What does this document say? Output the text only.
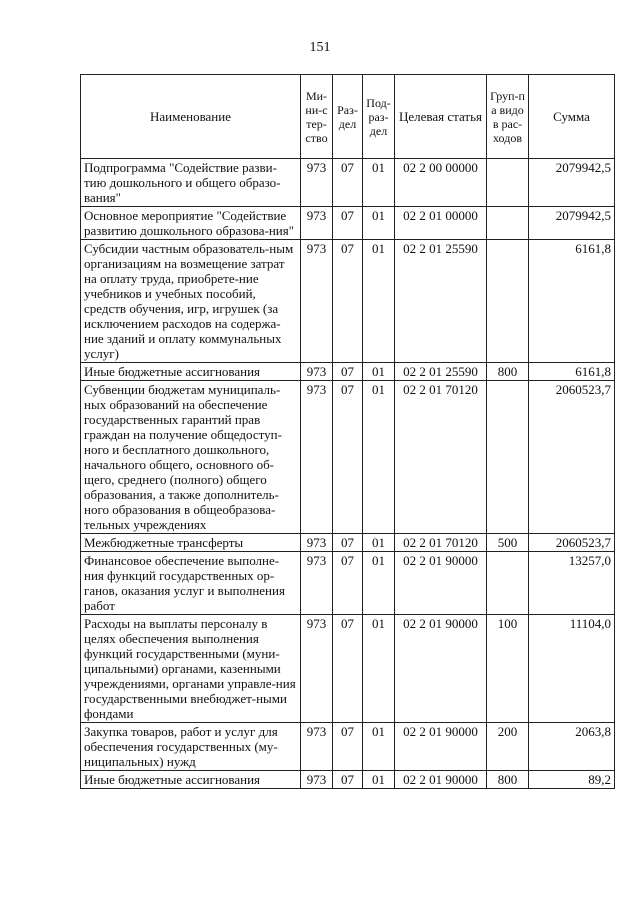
151
Наименование	Ми-ни-стер-ство	Раз-дел	Под-раз-дел	Целевая статья	Груп-па видов рас-ходов	Сумма
Подпрограмма "Содействие разви-тию дошкольного и общего образо-вания"	973	07	01	02 2 00 00000		2079942,5
Основное мероприятие "Содействие развитию дошкольного образова-ния"	973	07	01	02 2 01 00000		2079942,5
Субсидии частным образователь-ным организациям на возмещение затрат на оплату труда, приобрете-ние учебников и учебных пособий, средств обучения, игр, игрушек (за исключением расходов на содержа-ние зданий и оплату коммунальных услуг)	973	07	01	02 2 01 25590		6161,8
Иные бюджетные ассигнования	973	07	01	02 2 01 25590	800	6161,8
Субвенции бюджетам муниципаль-ных образований на обеспечение государственных гарантий прав граждан на получение общедоступ-ного и бесплатного дошкольного, начального общего, основного об-щего, среднего (полного) общего образования, а также дополнитель-ного образования в общеобразова-тельных учреждениях	973	07	01	02 2 01 70120		2060523,7
Межбюджетные трансферты	973	07	01	02 2 01 70120	500	2060523,7
Финансовое обеспечение выполне-ния функций государственных ор-ганов, оказания услуг и выполнения работ	973	07	01	02 2 01 90000		13257,0
Расходы на выплаты персоналу в целях обеспечения выполнения функций государственными (муни-ципальными) органами, казенными учреждениями, органами управле-ния государственными внебюджет-ными фондами	973	07	01	02 2 01 90000	100	11104,0
Закупка товаров, работ и услуг для обеспечения государственных (му-ниципальных) нужд	973	07	01	02 2 01 90000	200	2063,8
Иные бюджетные ассигнования	973	07	01	02 2 01 90000	800	89,2
